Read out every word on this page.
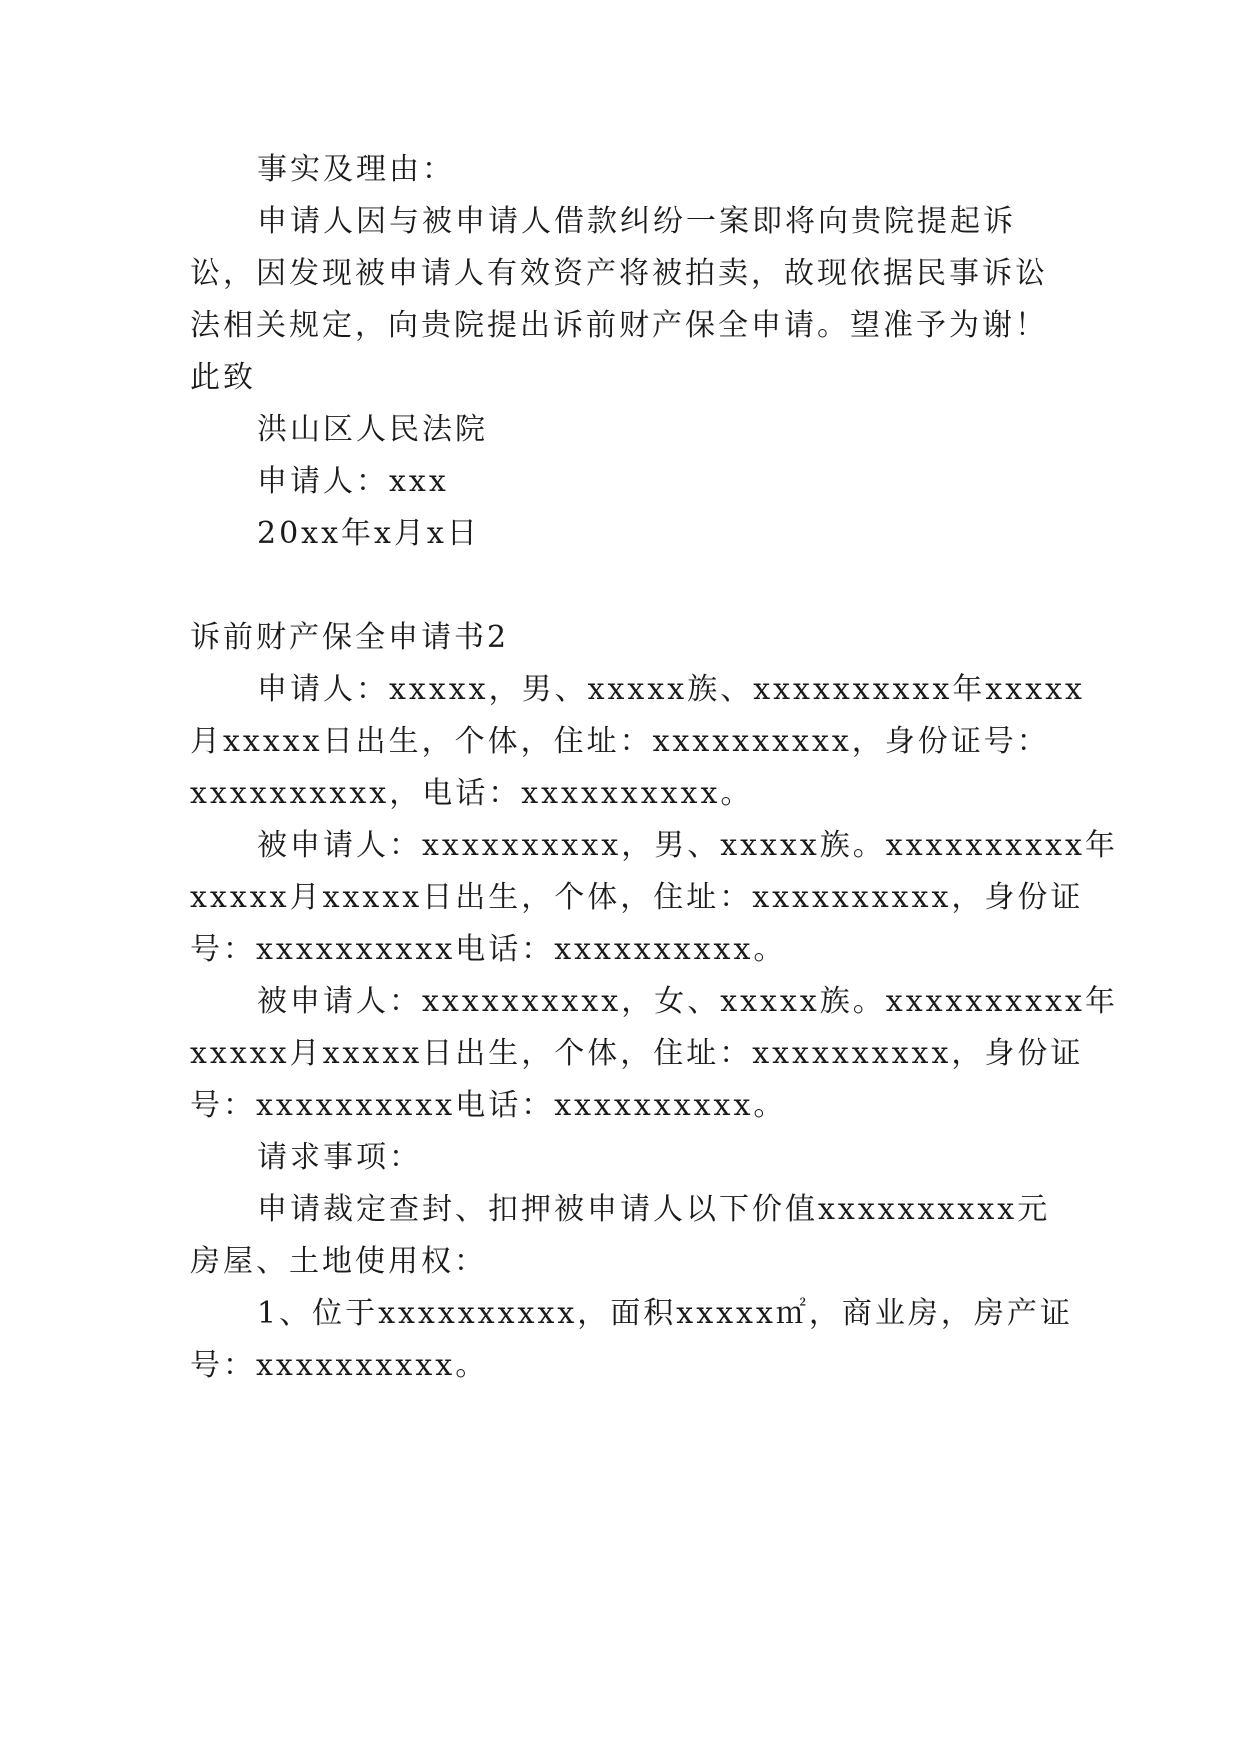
事实及理由：
申请人因与被申请人借款纠纷一案即将向贵院提起诉
讼，因发现被申请人有效资产将被拍卖，故现依据民事诉讼
法相关规定，向贵院提出诉前财产保全申请。望准予为谢！
此致
洪山区人民法院
申请人：xxx
20xx年x月x日
诉前财产保全申请书2
申请人：xxxxx，男、xxxxx族、xxxxxxxxxx年xxxxx
月xxxxx日出生，个体，住址：xxxxxxxxxx，身份证号：
xxxxxxxxxx，电话：xxxxxxxxxx。
被申请人：xxxxxxxxxx，男、xxxxx族。xxxxxxxxxx年
xxxxx月xxxxx日出生，个体，住址：xxxxxxxxxx，身份证
号：xxxxxxxxxx电话：xxxxxxxxxx。
被申请人：xxxxxxxxxx，女、xxxxx族。xxxxxxxxxx年
xxxxx月xxxxx日出生，个体，住址：xxxxxxxxxx，身份证
号：xxxxxxxxxx电话：xxxxxxxxxx。
请求事项：
申请裁定查封、扣押被申请人以下价值xxxxxxxxxx元
房屋、土地使用权：
1、位于xxxxxxxxxx，面积xxxxx㎡，商业房，房产证
号：xxxxxxxxxx。
